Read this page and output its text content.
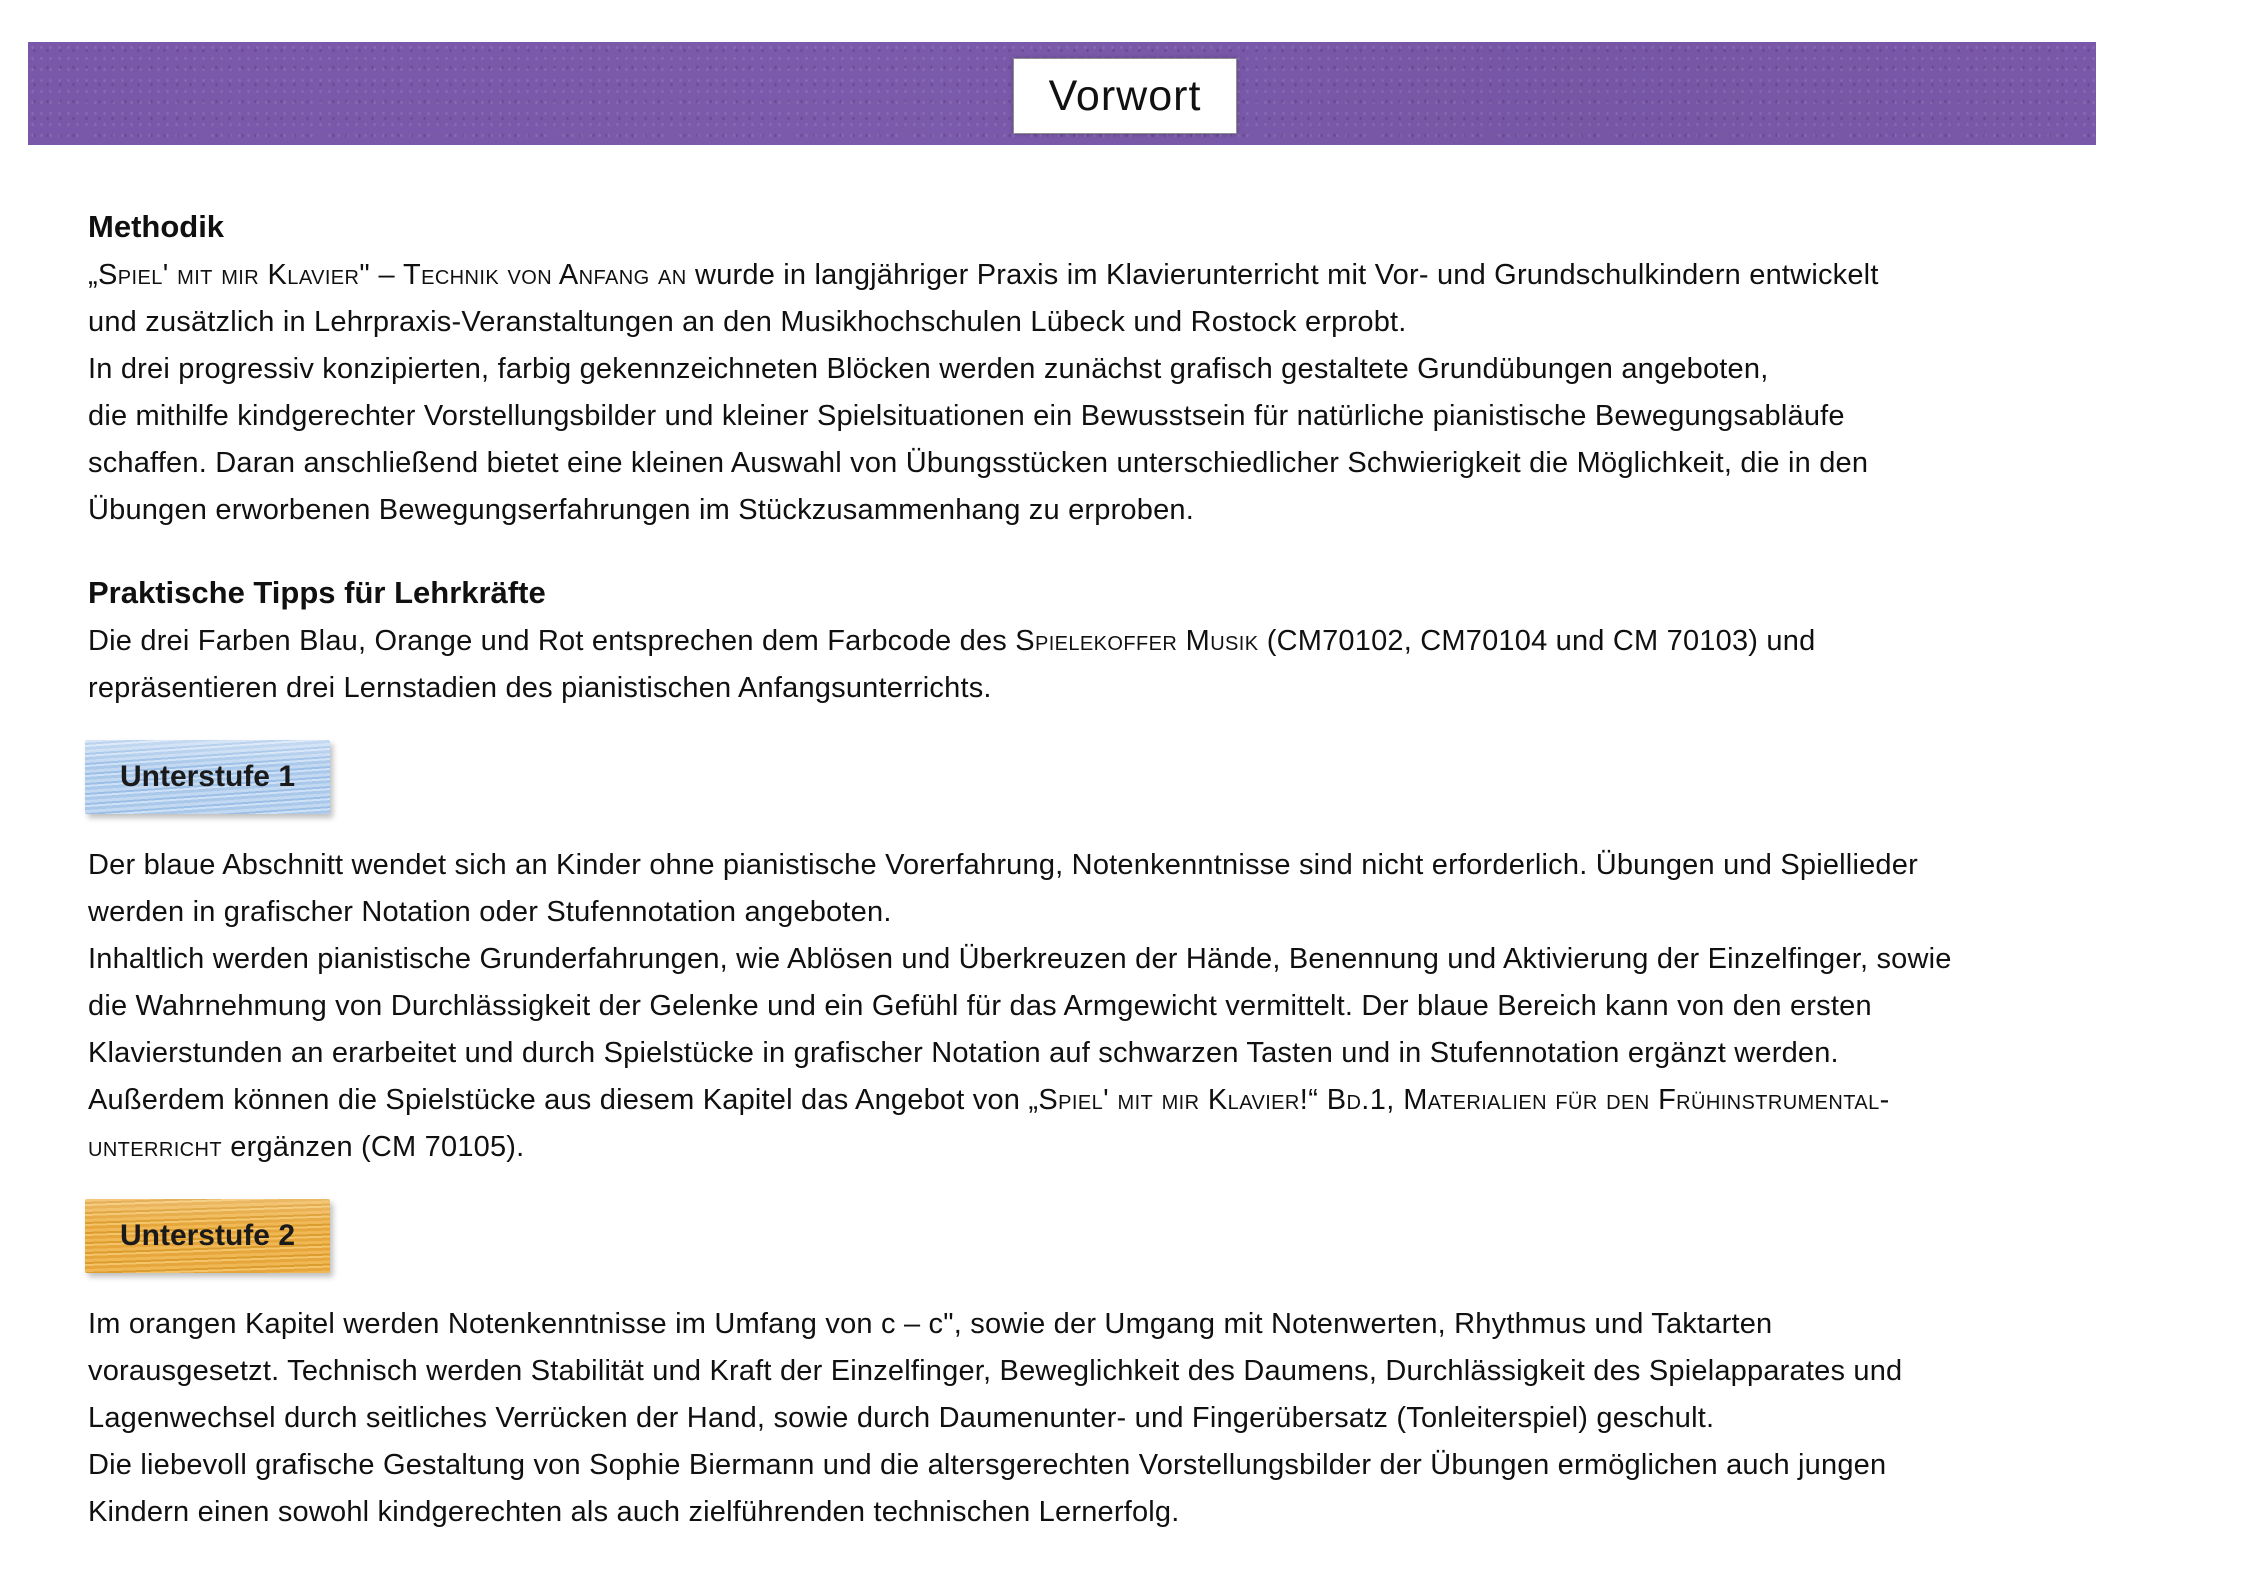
Vorwort
Methodik
„Spiel' mit mir Klavier" – Technik von Anfang an wurde in langjähriger Praxis im Klavierunterricht mit Vor- und Grundschulkindern entwickelt
und zusätzlich in Lehrpraxis-Veranstaltungen an den Musikhochschulen Lübeck und Rostock erprobt.
In drei progressiv konzipierten, farbig gekennzeichneten Blöcken werden zunächst grafisch gestaltete Grundübungen angeboten,
die mithilfe kindgerechter Vorstellungsbilder und kleiner Spielsituationen ein Bewusstsein für natürliche pianistische Bewegungsabläufe
schaffen. Daran anschließend bietet eine kleinen Auswahl von Übungsstücken unterschiedlicher Schwierigkeit die Möglichkeit, die in den
Übungen erworbenen Bewegungserfahrungen im Stückzusammenhang zu erproben.
Praktische Tipps für Lehrkräfte
Die drei Farben Blau, Orange und Rot entsprechen dem Farbcode des Spielekoffer Musik (CM70102, CM70104 und CM 70103) und
repräsentieren drei Lernstadien des pianistischen Anfangsunterrichts.
Unterstufe 1
Der blaue Abschnitt wendet sich an Kinder ohne pianistische Vorerfahrung, Notenkenntnisse sind nicht erforderlich. Übungen und Spiellieder
werden in grafischer Notation oder Stufennotation angeboten.
Inhaltlich werden pianistische Grunderfahrungen, wie Ablösen und Überkreuzen der Hände, Benennung und Aktivierung der Einzelfinger, sowie
die Wahrnehmung von Durchlässigkeit der Gelenke und ein Gefühl für das Armgewicht vermittelt. Der blaue Bereich kann von den ersten
Klavierstunden an erarbeitet und durch Spielstücke in grafischer Notation auf schwarzen Tasten und in Stufennotation ergänzt werden.
Außerdem können die Spielstücke aus diesem Kapitel das Angebot von „Spiel' mit mir Klavier!“ Bd.1, Materialien für den Frühinstrumental-
unterricht ergänzen (CM 70105).
Unterstufe 2
Im orangen Kapitel werden Notenkenntnisse im Umfang von c – c", sowie der Umgang mit Notenwerten, Rhythmus und Taktarten
vorausgesetzt. Technisch werden Stabilität und Kraft der Einzelfinger, Beweglichkeit des Daumens, Durchlässigkeit des Spielapparates und
Lagenwechsel durch seitliches Verrücken der Hand, sowie durch Daumenunter- und Fingerübersatz (Tonleiterspiel) geschult.
Die liebevoll grafische Gestaltung von Sophie Biermann und die altersgerechten Vorstellungsbilder der Übungen ermöglichen auch jungen
Kindern einen sowohl kindgerechten als auch zielführenden technischen Lernerfolg.
